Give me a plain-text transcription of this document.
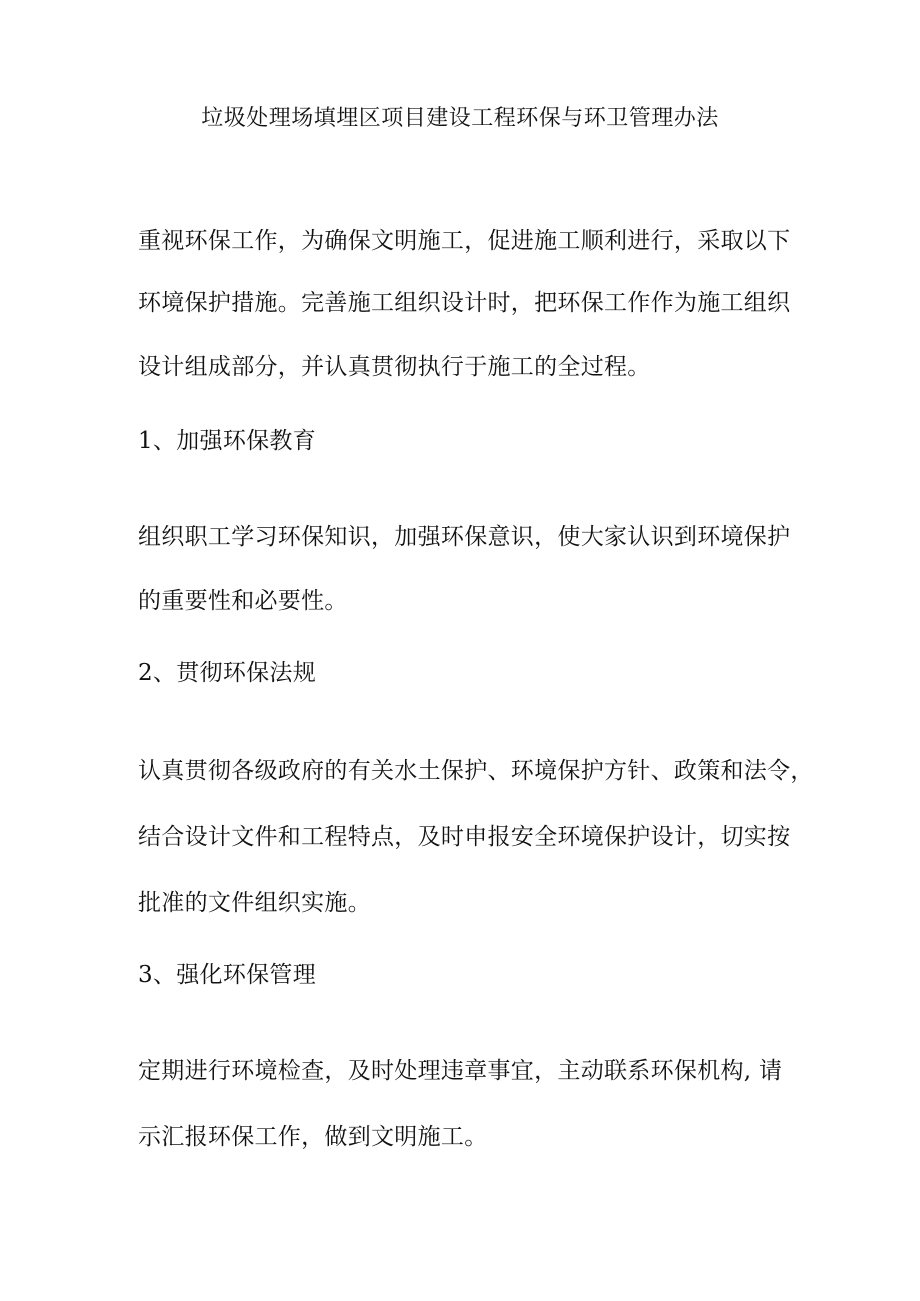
垃圾处理场填埋区项目建设工程环保与环卫管理办法
重视环保工作，为确保文明施工，促进施工顺利进行，采取以下
环境保护措施。完善施工组织设计时，把环保工作作为施工组织
设计组成部分，并认真贯彻执行于施工的全过程。
1、加强环保教育
组织职工学习环保知识，加强环保意识，使大家认识到环境保护
的重要性和必要性。
2、贯彻环保法规
认真贯彻各级政府的有关水土保护、环境保护方针、政策和法令，
结合设计文件和工程特点，及时申报安全环境保护设计，切实按
批准的文件组织实施。
3、强化环保管理
定期进行环境检查，及时处理违章事宜，主动联系环保机构, 请
示汇报环保工作，做到文明施工。
